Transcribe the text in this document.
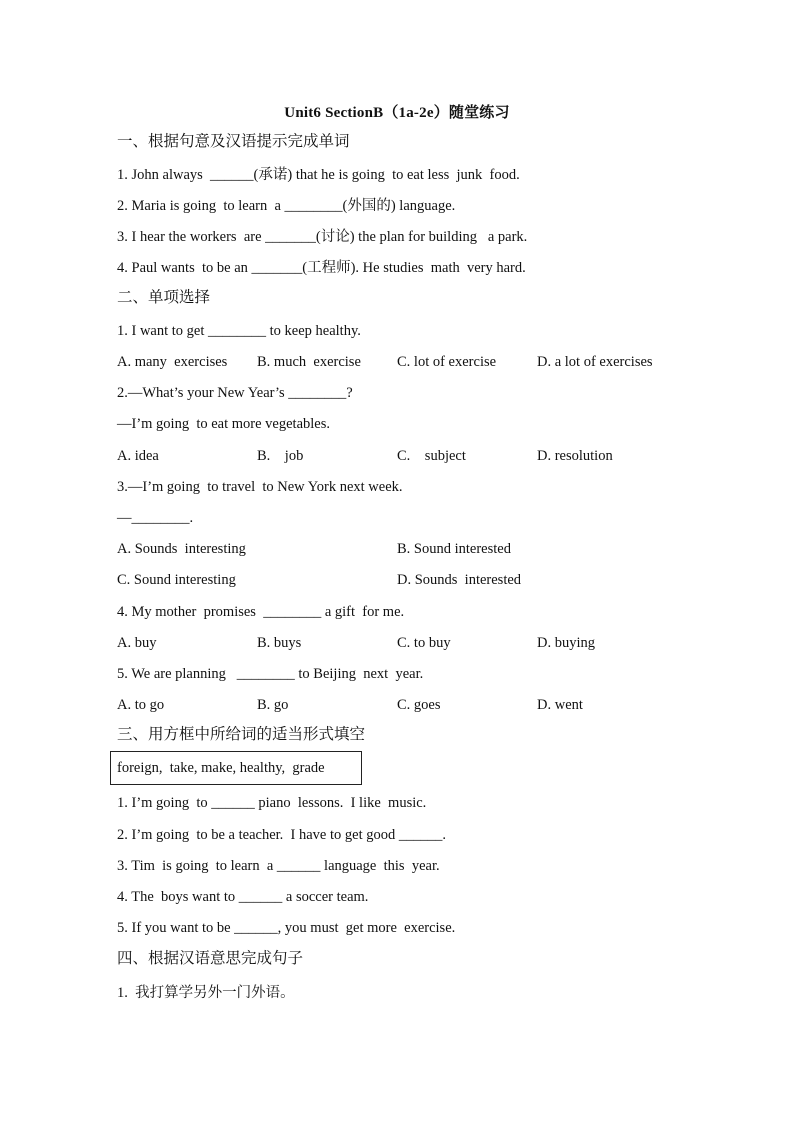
Unit6 SectionB（1a-2e）随堂练习
一、根据句意及汉语提示完成单词
1. John always  ______(承诺) that he is going  to eat less  junk  food.
2. Maria is going  to learn  a ________(外国的) language.
3. I hear the workers  are _______(讨论) the plan for building   a park.
4. Paul wants  to be an _______(工程师). He studies  math  very hard.
二、单项选择
1. I want to get ________ to keep healthy.
A. many  exercises B. much  exercise C. lot of exercise	D. a lot of exercises
2.—What’s your New Year’s ________?
—I’m going  to eat more vegetables.
A. idea	B.    job	C.    subject	D. resolution
3.—I’m going  to travel  to New York next week.
—________.
A. Sounds  interesting	B. Sound interested
C. Sound interesting	D. Sounds  interested
4. My mother  promises  ________ a gift  for me.
A. buy	B. buys	C. to buy	D. buying
5. We are planning   ________ to Beijing  next  year.
A. to go	B. go	C. goes	D. went
三、用方框中所给词的适当形式填空
foreign,  take, make, healthy,  grade
1. I’m going  to ______ piano  lessons.  I like  music.
2. I’m going  to be a teacher.  I have to get good ______.
3. Tim  is going  to learn  a ______ language  this  year.
4. The  boys want to ______ a soccer team.
5. If you want to be ______, you must  get more  exercise.
四、根据汉语意思完成句子
1.  我打算学另外一门外语。
